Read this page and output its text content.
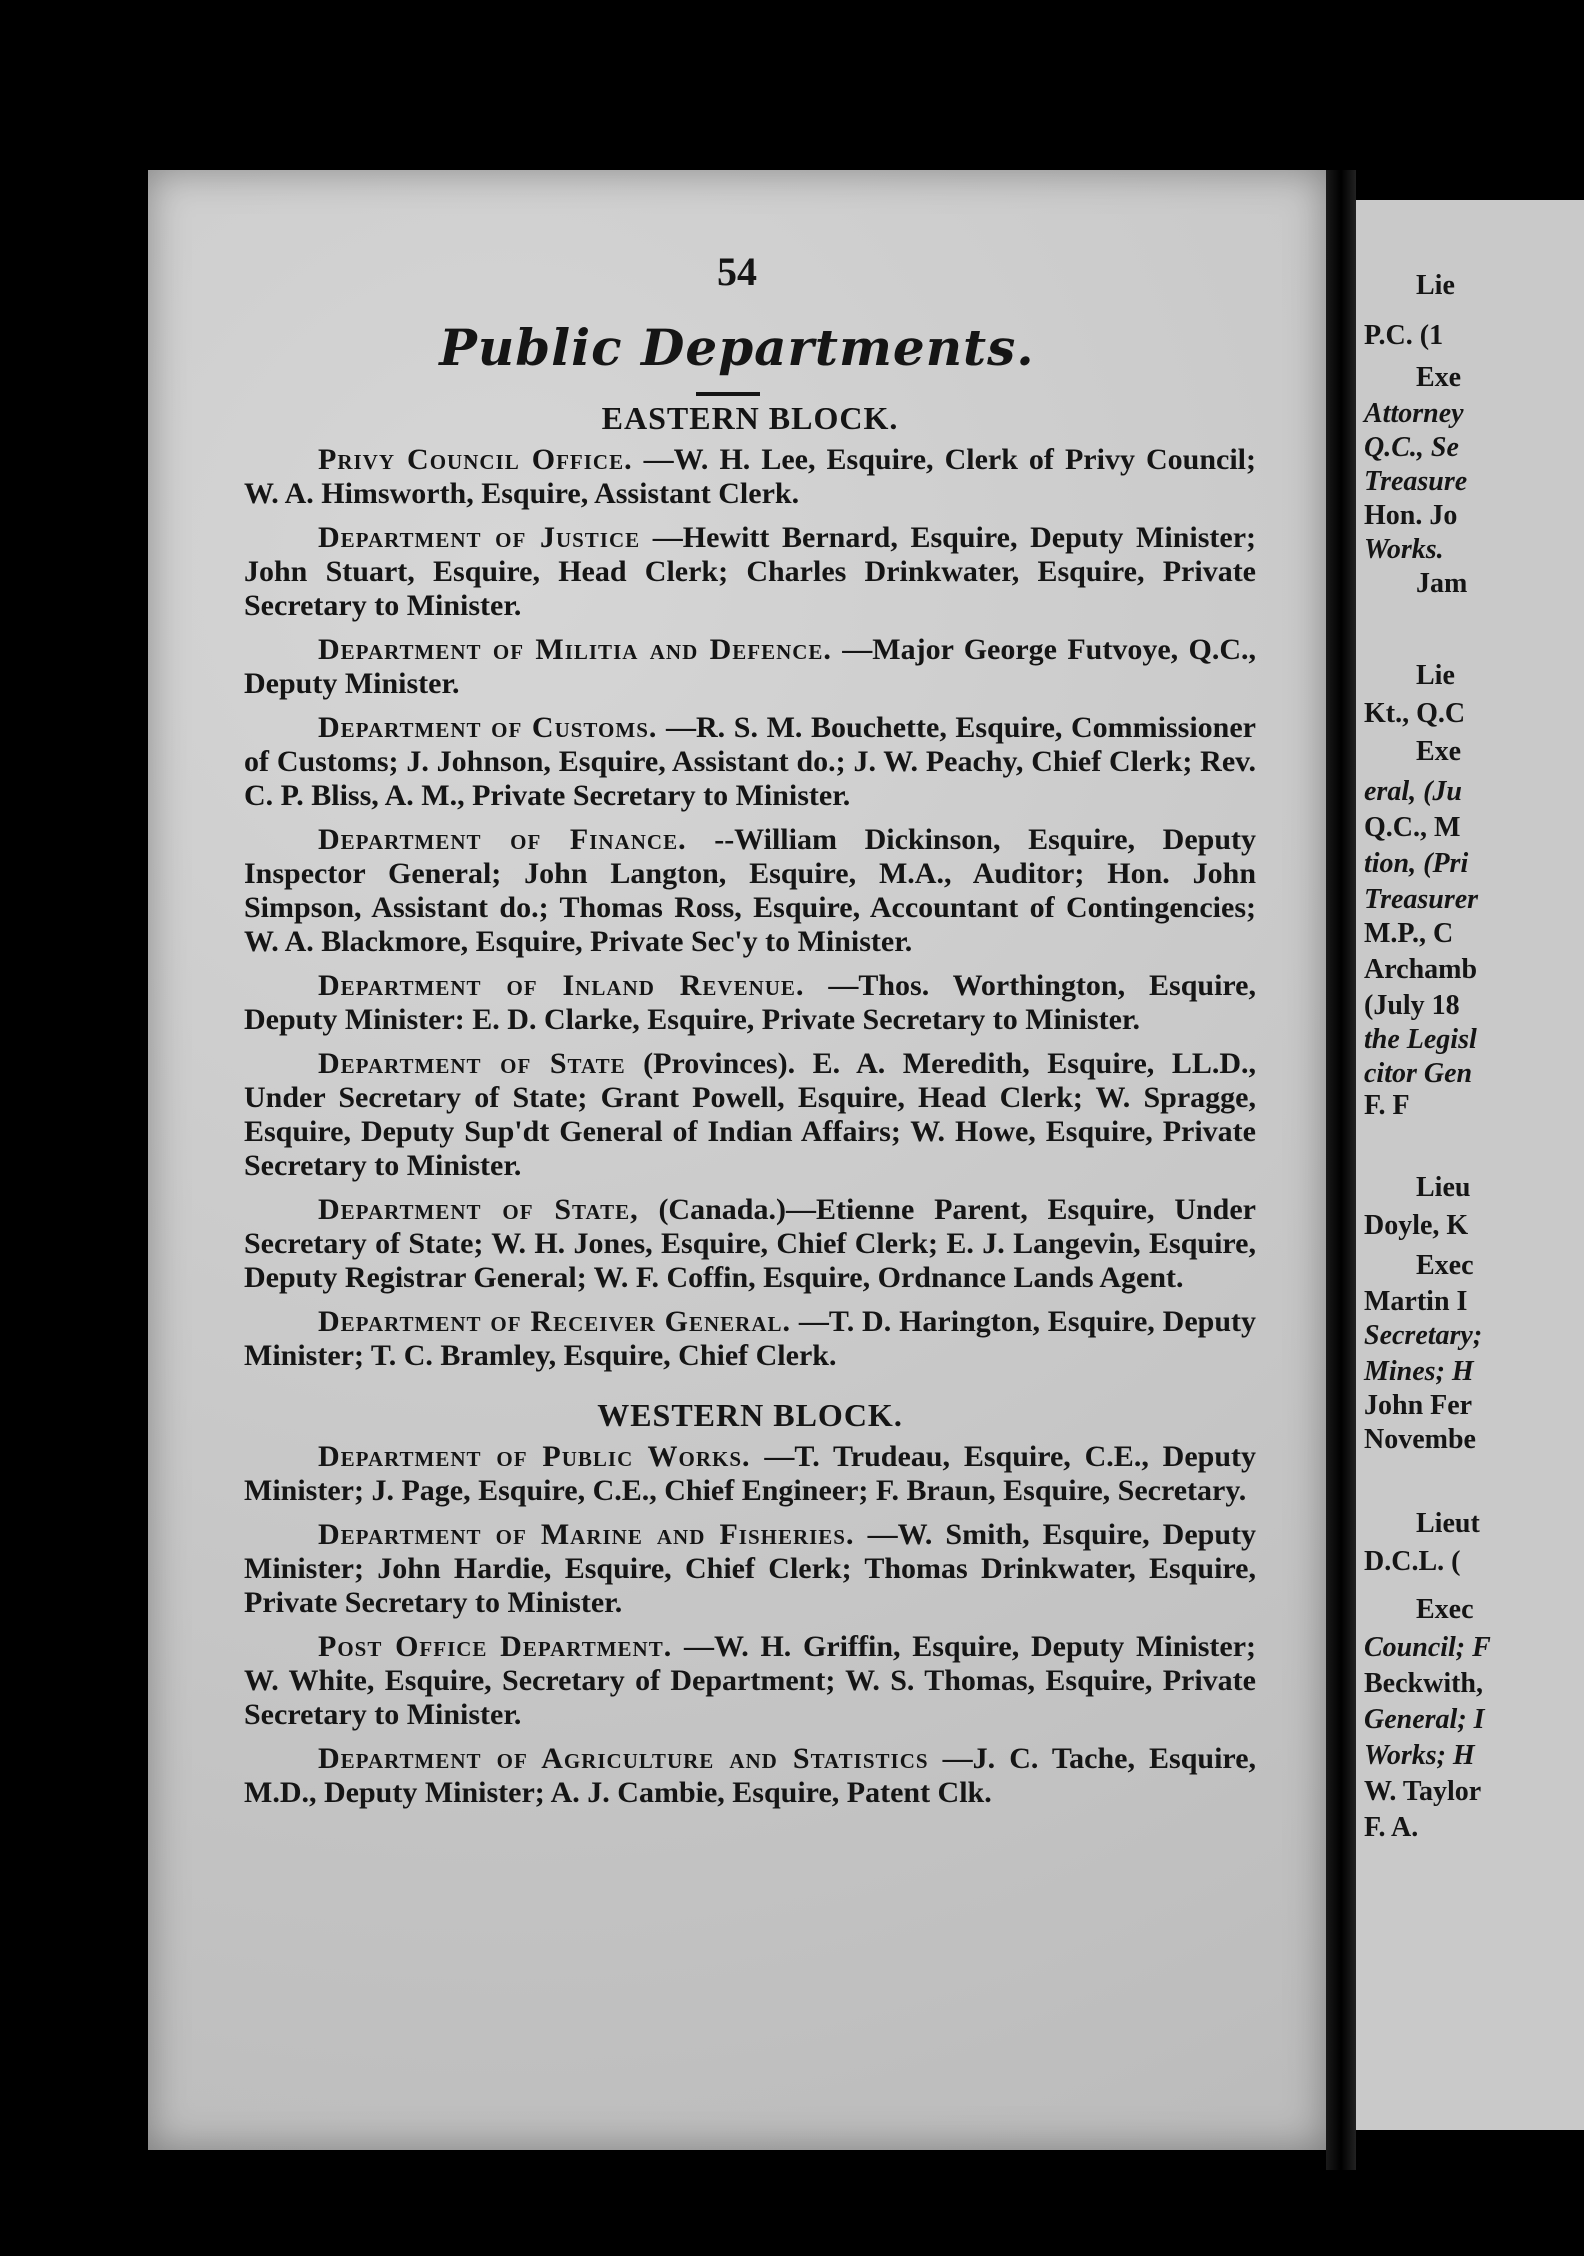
54
Public Departments.
EASTERN BLOCK.

Privy Council Office. —W. H. Lee, Esquire, Clerk of Privy Council; W. A. Himsworth, Esquire, Assistant Clerk.

Department of Justice —Hewitt Bernard, Esquire, Deputy Minister; John Stuart, Esquire, Head Clerk; Charles Drinkwater, Esquire, Private Secretary to Minister.

Department of Militia and Defence. —Major George Futvoye, Q.C., Deputy Minister.

Department of Customs. —R. S. M. Bouchette, Esquire, Commissioner of Customs; J. Johnson, Esquire, Assistant do.; J. W. Peachy, Chief Clerk; Rev. C. P. Bliss, A. M., Private Secretary to Minister.

Department of Finance. --William Dickinson, Esquire, Deputy Inspector General; John Langton, Esquire, M.A., Auditor; Hon. John Simpson, Assistant do.; Thomas Ross, Esquire, Accountant of Contingencies; W. A. Blackmore, Esquire, Private Sec'y to Minister.

Department of Inland Revenue. —Thos. Worthington, Esquire, Deputy Minister: E. D. Clarke, Esquire, Private Secretary to Minister.

Department of State (Provinces). E. A. Meredith, Esquire, LL.D., Under Secretary of State; Grant Powell, Esquire, Head Clerk; W. Spragge, Esquire, Deputy Sup'dt General of Indian Affairs; W. Howe, Esquire, Private Secretary to Minister.

Department of State, (Canada.)—Etienne Parent, Esquire, Under Secretary of State; W. H. Jones, Esquire, Chief Clerk; E. J. Langevin, Esquire, Deputy Registrar General; W. F. Coffin, Esquire, Ordnance Lands Agent.

Department of Receiver General. —T. D. Harington, Esquire, Deputy Minister; T. C. Bramley, Esquire, Chief Clerk.

WESTERN BLOCK.

Department of Public Works. —T. Trudeau, Esquire, C.E., Deputy Minister; J. Page, Esquire, C.E., Chief Engineer; F. Braun, Esquire, Secretary.

Department of Marine and Fisheries. —W. Smith, Esquire, Deputy Minister; John Hardie, Esquire, Chief Clerk; Thomas Drinkwater, Esquire, Private Secretary to Minister.

Post Office Department. —W. H. Griffin, Esquire, Deputy Minister; W. White, Esquire, Secretary of Department; W. S. Thomas, Esquire, Private Secretary to Minister.

Department of Agriculture and Statistics —J. C. Tache, Esquire, M.D., Deputy Minister; A. J. Cambie, Esquire, Patent Clk.

Lie
P.C. (1
Exe
Attorney
Q.C., Se
Treasure
Hon. Jo
Works.
Jam
Lie
Kt., Q.C
Exe
eral, (Ju
Q.C., M
tion, (Pri
Treasurer
M.P., C
Archamb
(July 18
the Legisl
citor Gen
F. F
Lieu
Doyle, K
Exec
Martin I
Secretary;
Mines; H
John Fer
Novembe
Lieut
D.C.L. (
Exec
Council; F
Beckwith,
General; I
Works; H
W. Taylor
F. A.
